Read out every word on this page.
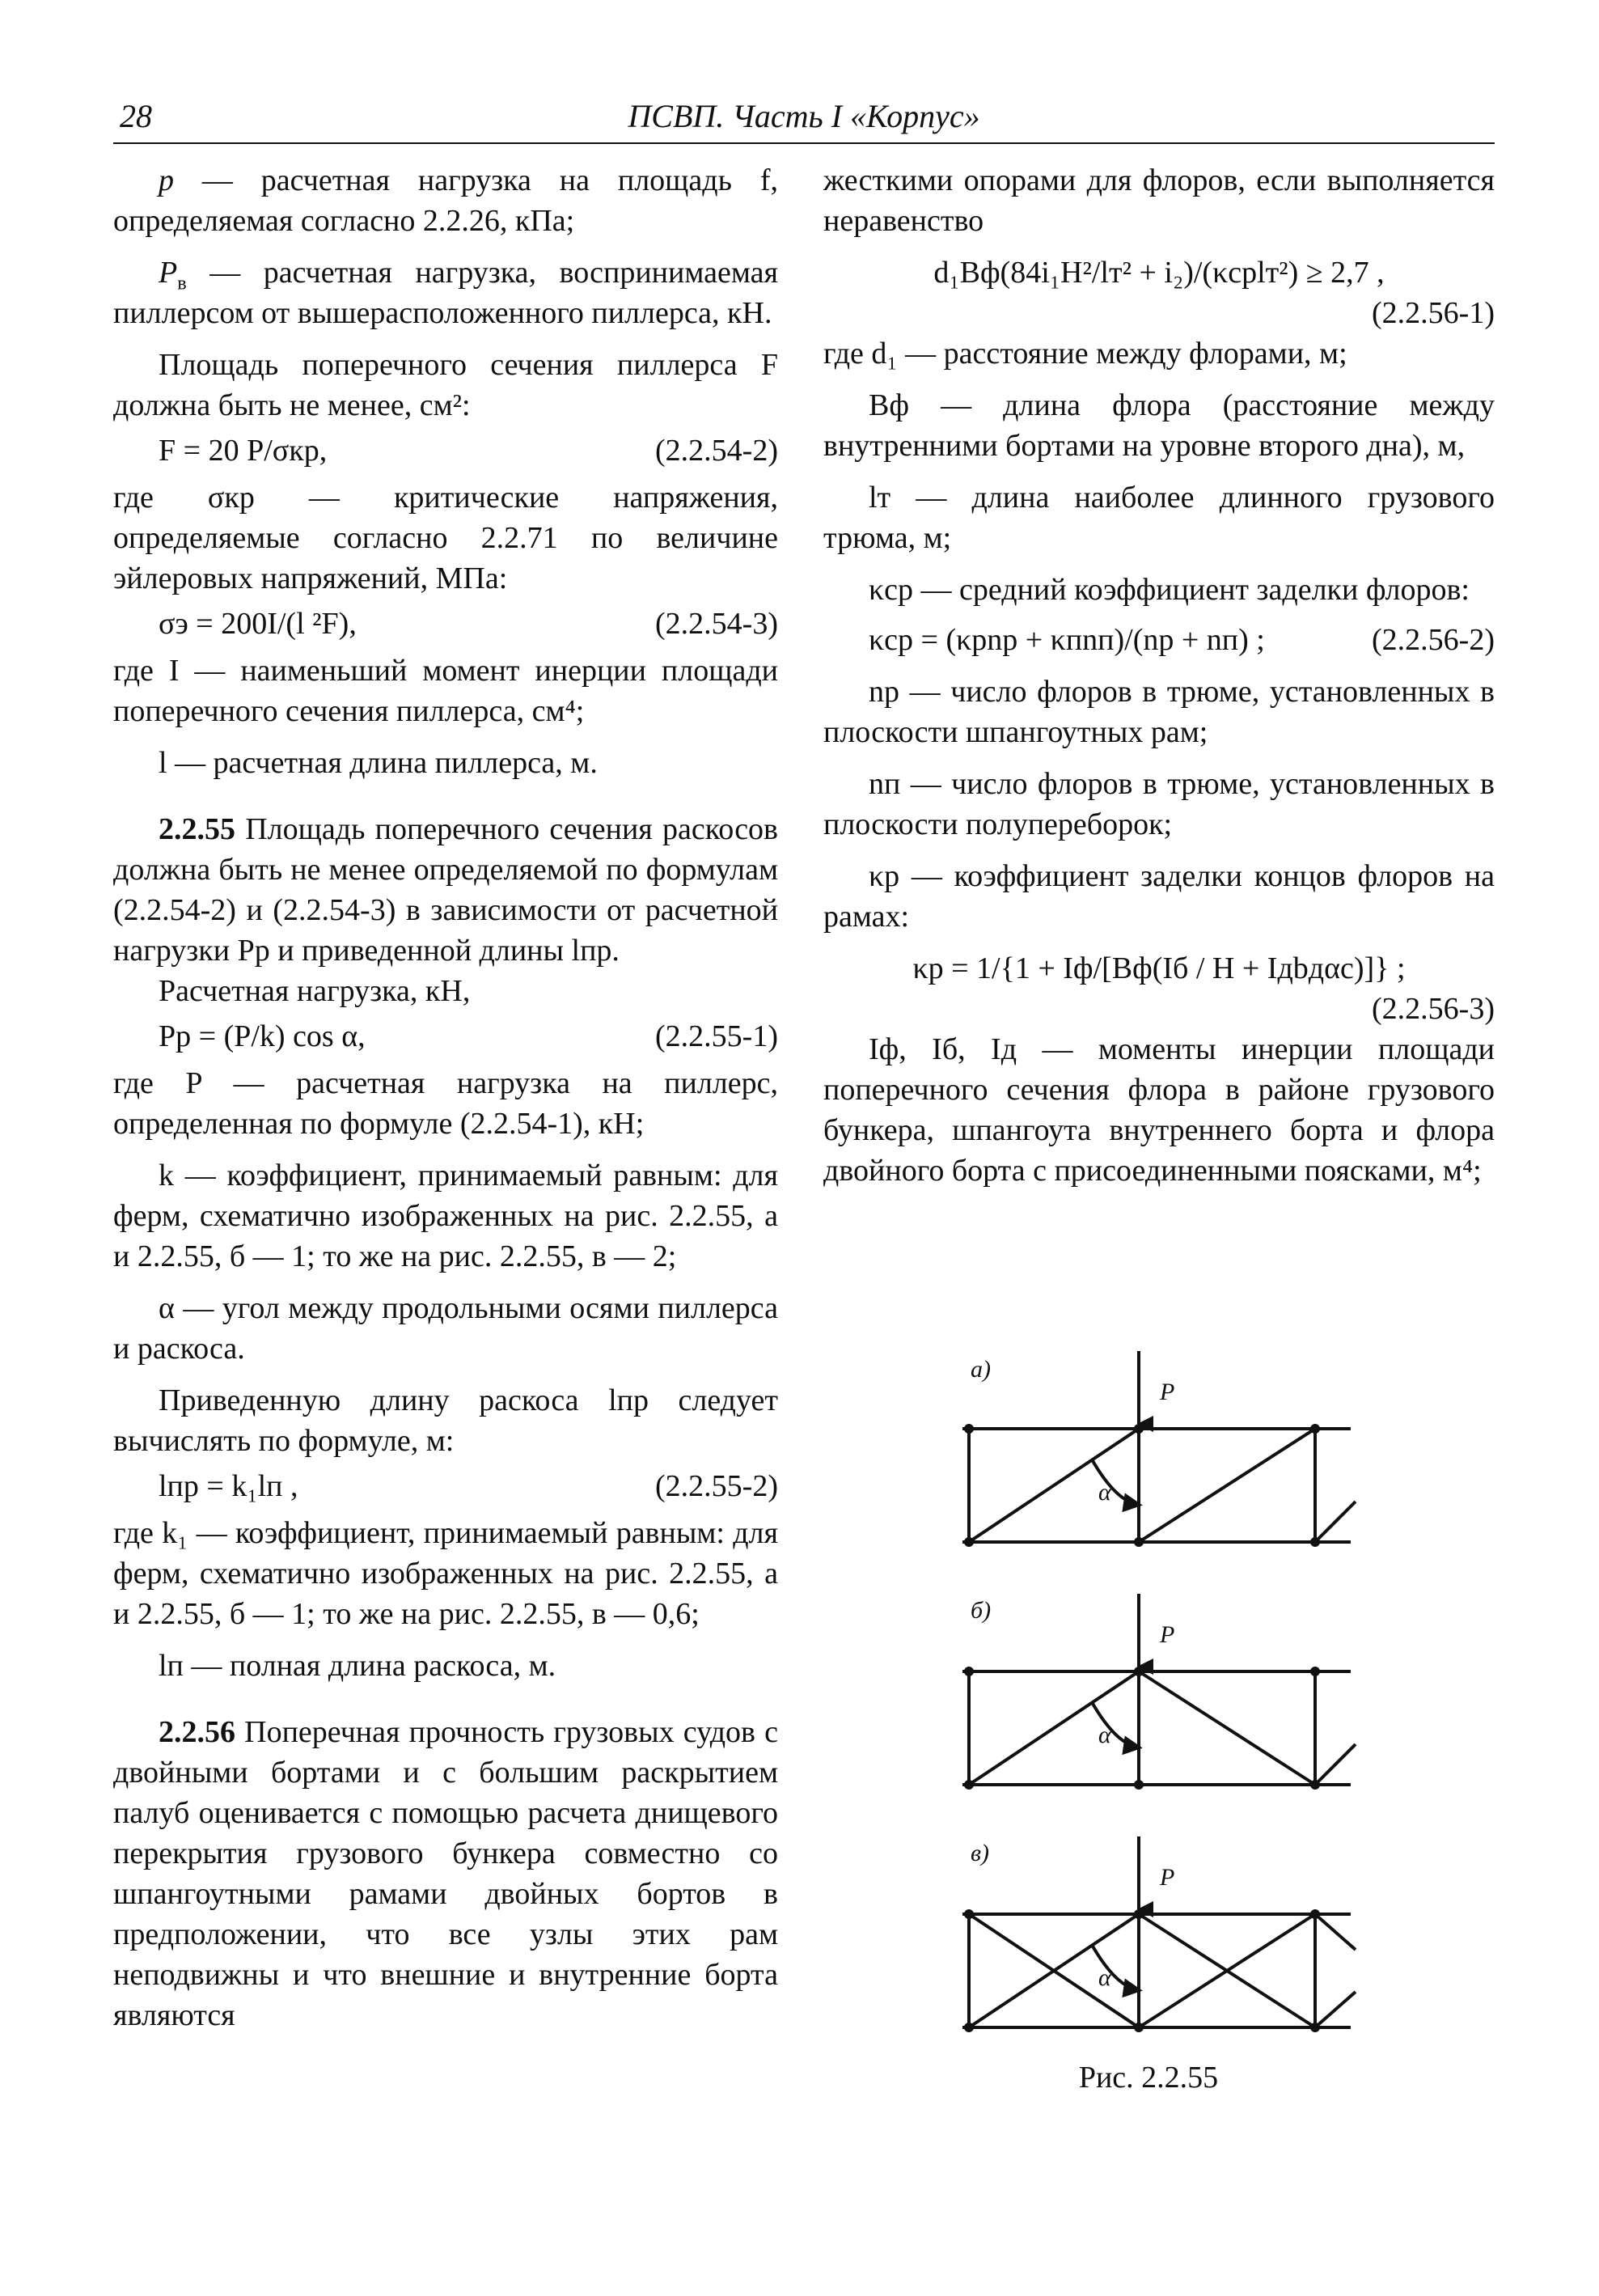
28	ПСВП. Часть I «Корпус»

p — расчетная нагрузка на площадь f, определяемая согласно 2.2.26, кПа;

$P_в$ — расчетная нагрузка, воспринимаемая пиллерсом от вышерасположенного пиллерса, кН.

Площадь поперечного сечения пиллерса F должна быть не менее, см²:

F = 20 P/σкр,	(2.2.54-2)

где σкр — критические напряжения, определяемые согласно 2.2.71 по величине эйлеровых напряжений, МПа:

σэ = 200I/(l ²F),	(2.2.54-3)

где I — наименьший момент инерции площади поперечного сечения пиллерса, см⁴;

l — расчетная длина пиллерса, м.

2.2.55 Площадь поперечного сечения раскосов должна быть не менее определяемой по формулам (2.2.54-2) и (2.2.54-3) в зависимости от расчетной нагрузки Pр и приведенной длины lпр.

Расчетная нагрузка, кН,

Pр = (P/k) cos α,	(2.2.55-1)

где P — расчетная нагрузка на пиллерс, определенная по формуле (2.2.54-1), кН;

k — коэффициент, принимаемый равным: для ферм, схематично изображенных на рис. 2.2.55, а и 2.2.55, б — 1; то же на рис. 2.2.55, в — 2;

α — угол между продольными осями пиллерса и раскоса.

Приведенную длину раскоса lпр следует вычислять по формуле, м:

lпр = k₁lп ,	(2.2.55-2)

где k₁ — коэффициент, принимаемый равным: для ферм, схематично изображенных на рис. 2.2.55, а и 2.2.55, б — 1; то же на рис. 2.2.55, в — 0,6;

lп — полная длина раскоса, м.

2.2.56 Поперечная прочность грузовых судов с двойными бортами и с большим раскрытием палуб оценивается с помощью расчета днищевого перекрытия грузового бункера совместно со шпангоутными рамами двойных бортов в предположении, что все узлы этих рам неподвижны и что внешние и внутренние борта являются

жесткими опорами для флоров, если выполняется неравенство

d₁Bф(84i₁H²/lт² + i₂)/(κсрlт²) ≥ 2,7 ,

(2.2.56-1)

где d₁ — расстояние между флорами, м;

Bф — длина флора (расстояние между внутренними бортами на уровне второго дна), м,

lт — длина наиболее длинного грузового трюма, м;

κср — средний коэффициент заделки флоров:

κср = (κрnр + κпnп)/(nр + nп) ;	(2.2.56-2)

nр — число флоров в трюме, установленных в плоскости шпангоутных рам;

nп — число флоров в трюме, установленных в плоскости полупереборок;

κр — коэффициент заделки концов флоров на рамах:

κр = 1/{1 + Iф/[Bф(Iб / H + Iдbдαс)]} ;

(2.2.56-3)

Iф, Iб, Iд — моменты инерции площади поперечного сечения флора в районе грузового бункера, шпангоута внутреннего борта и флора двойного борта с присоединенными поясками, м⁴;

а)
P
α
б)
P
α
в)
P
α
Рис. 2.2.55
